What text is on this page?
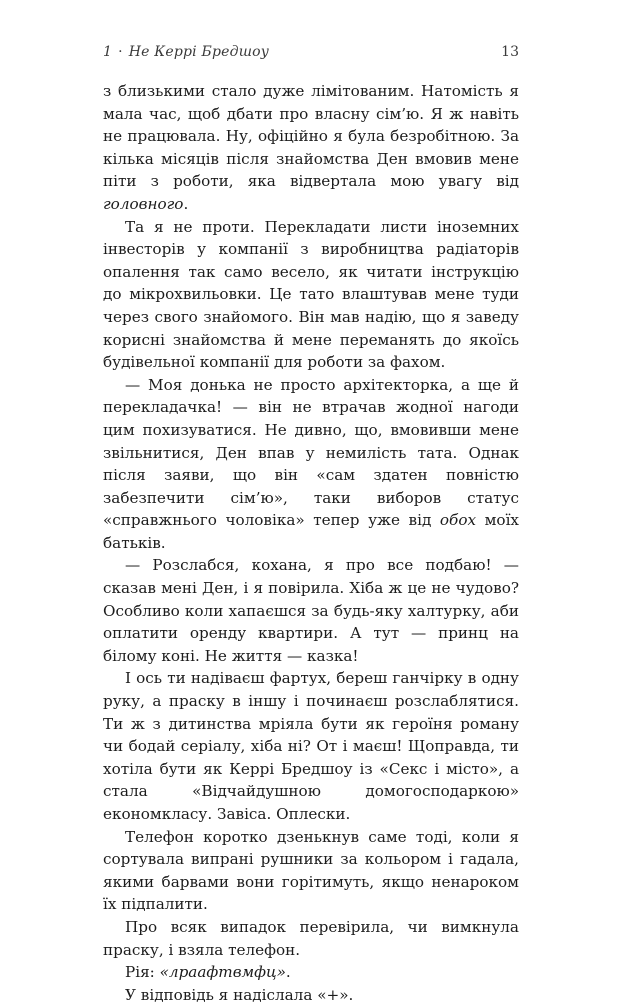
1 · Не Керрі Бредшоу	13

з близькими стало дуже лімітованим. Натомість я мала час, щоб дбати про власну сім’ю. Я ж навіть не працювала. Ну, офіційно я була безробітною. За кілька місяців після знайомства Ден вмовив мене піти з роботи, яка відвертала мою увагу від головного.

Та я не проти. Перекладати листи іноземних інвесторів у компанії з виробництва радіаторів опалення так само весело, як читати інструкцію до мікрохвильовки. Це тато влаштував мене туди через свого знайомого. Він мав надію, що я заведу корисні знайомства й мене переманять до якоїсь будівельної компанії для роботи за фахом.

— Моя донька не просто архітекторка, а ще й перекладачка! — він не втрачав жодної нагоди цим похизуватися. Не дивно, що, вмовивши мене звільнитися, Ден впав у немилість тата. Однак після заяви, що він «сам здатен повністю забезпечити сім’ю», таки виборов статус «справжнього чоловіка» тепер уже від обох моїх батьків.

— Розслабся, кохана, я про все подбаю! — сказав мені Ден, і я повірила. Хіба ж це не чудово? Особливо коли хапаєшся за будь-яку халтурку, аби оплатити оренду квартири. А тут — принц на білому коні. Не життя — казка!

І ось ти надіваєш фартух, береш ганчірку в одну руку, а праску в іншу і починаєш розслаблятися. Ти ж з дитинства мріяла бути як героїня роману чи бодай серіалу, хіба ні? От і маєш! Щоправда, ти хотіла бути як Керрі Бредшоу із «Секс і місто», а стала «Відчайдушною домогосподаркою» економкласу. Завіса. Оплески.

Телефон коротко дзенькнув саме тоді, коли я сортувала випрані рушники за кольором і гадала, якими барвами вони горітимуть, якщо ненароком їх підпалити.

Про всяк випадок перевірила, чи вимкнула праску, і взяла телефон.

Рія: «лраафтвмфц».

У відповідь я надіслала «+».
